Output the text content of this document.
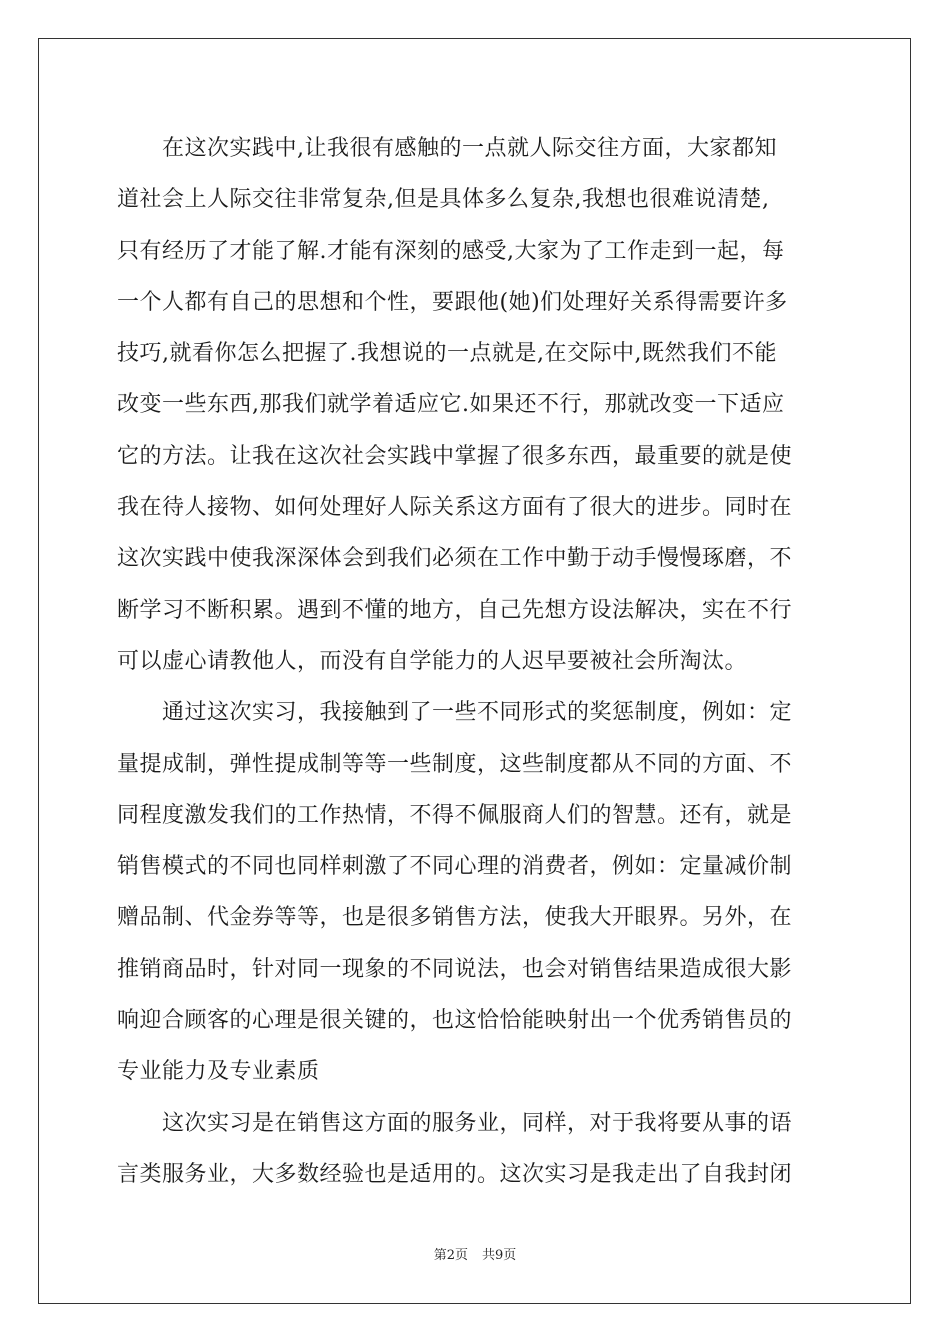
　　在这次实践中,让我很有感触的一点就人际交往方面，大家都知
道社会上人际交往非常复杂,但是具体多么复杂,我想也很难说清楚,
只有经历了才能了解.才能有深刻的感受,大家为了工作走到一起，每
一个人都有自己的思想和个性，要跟他(她)们处理好关系得需要许多
技巧,就看你怎么把握了.我想说的一点就是,在交际中,既然我们不能
改变一些东西,那我们就学着适应它.如果还不行，那就改变一下适应
它的方法。让我在这次社会实践中掌握了很多东西，最重要的就是使
我在待人接物、如何处理好人际关系这方面有了很大的进步。同时在
这次实践中使我深深体会到我们必须在工作中勤于动手慢慢琢磨，不
断学习不断积累。遇到不懂的地方，自己先想方设法解决，实在不行
可以虚心请教他人，而没有自学能力的人迟早要被社会所淘汰。
　　通过这次实习，我接触到了一些不同形式的奖惩制度，例如：定
量提成制，弹性提成制等等一些制度，这些制度都从不同的方面、不
同程度激发我们的工作热情，不得不佩服商人们的智慧。还有，就是
销售模式的不同也同样刺激了不同心理的消费者，例如：定量减价制
赠品制、代金券等等，也是很多销售方法，使我大开眼界。另外，在
推销商品时，针对同一现象的不同说法，也会对销售结果造成很大影
响迎合顾客的心理是很关键的，也这恰恰能映射出一个优秀销售员的
专业能力及专业素质
　　这次实习是在销售这方面的服务业，同样，对于我将要从事的语
言类服务业，大多数经验也是适用的。这次实习是我走出了自我封闭
第2页 共9页
